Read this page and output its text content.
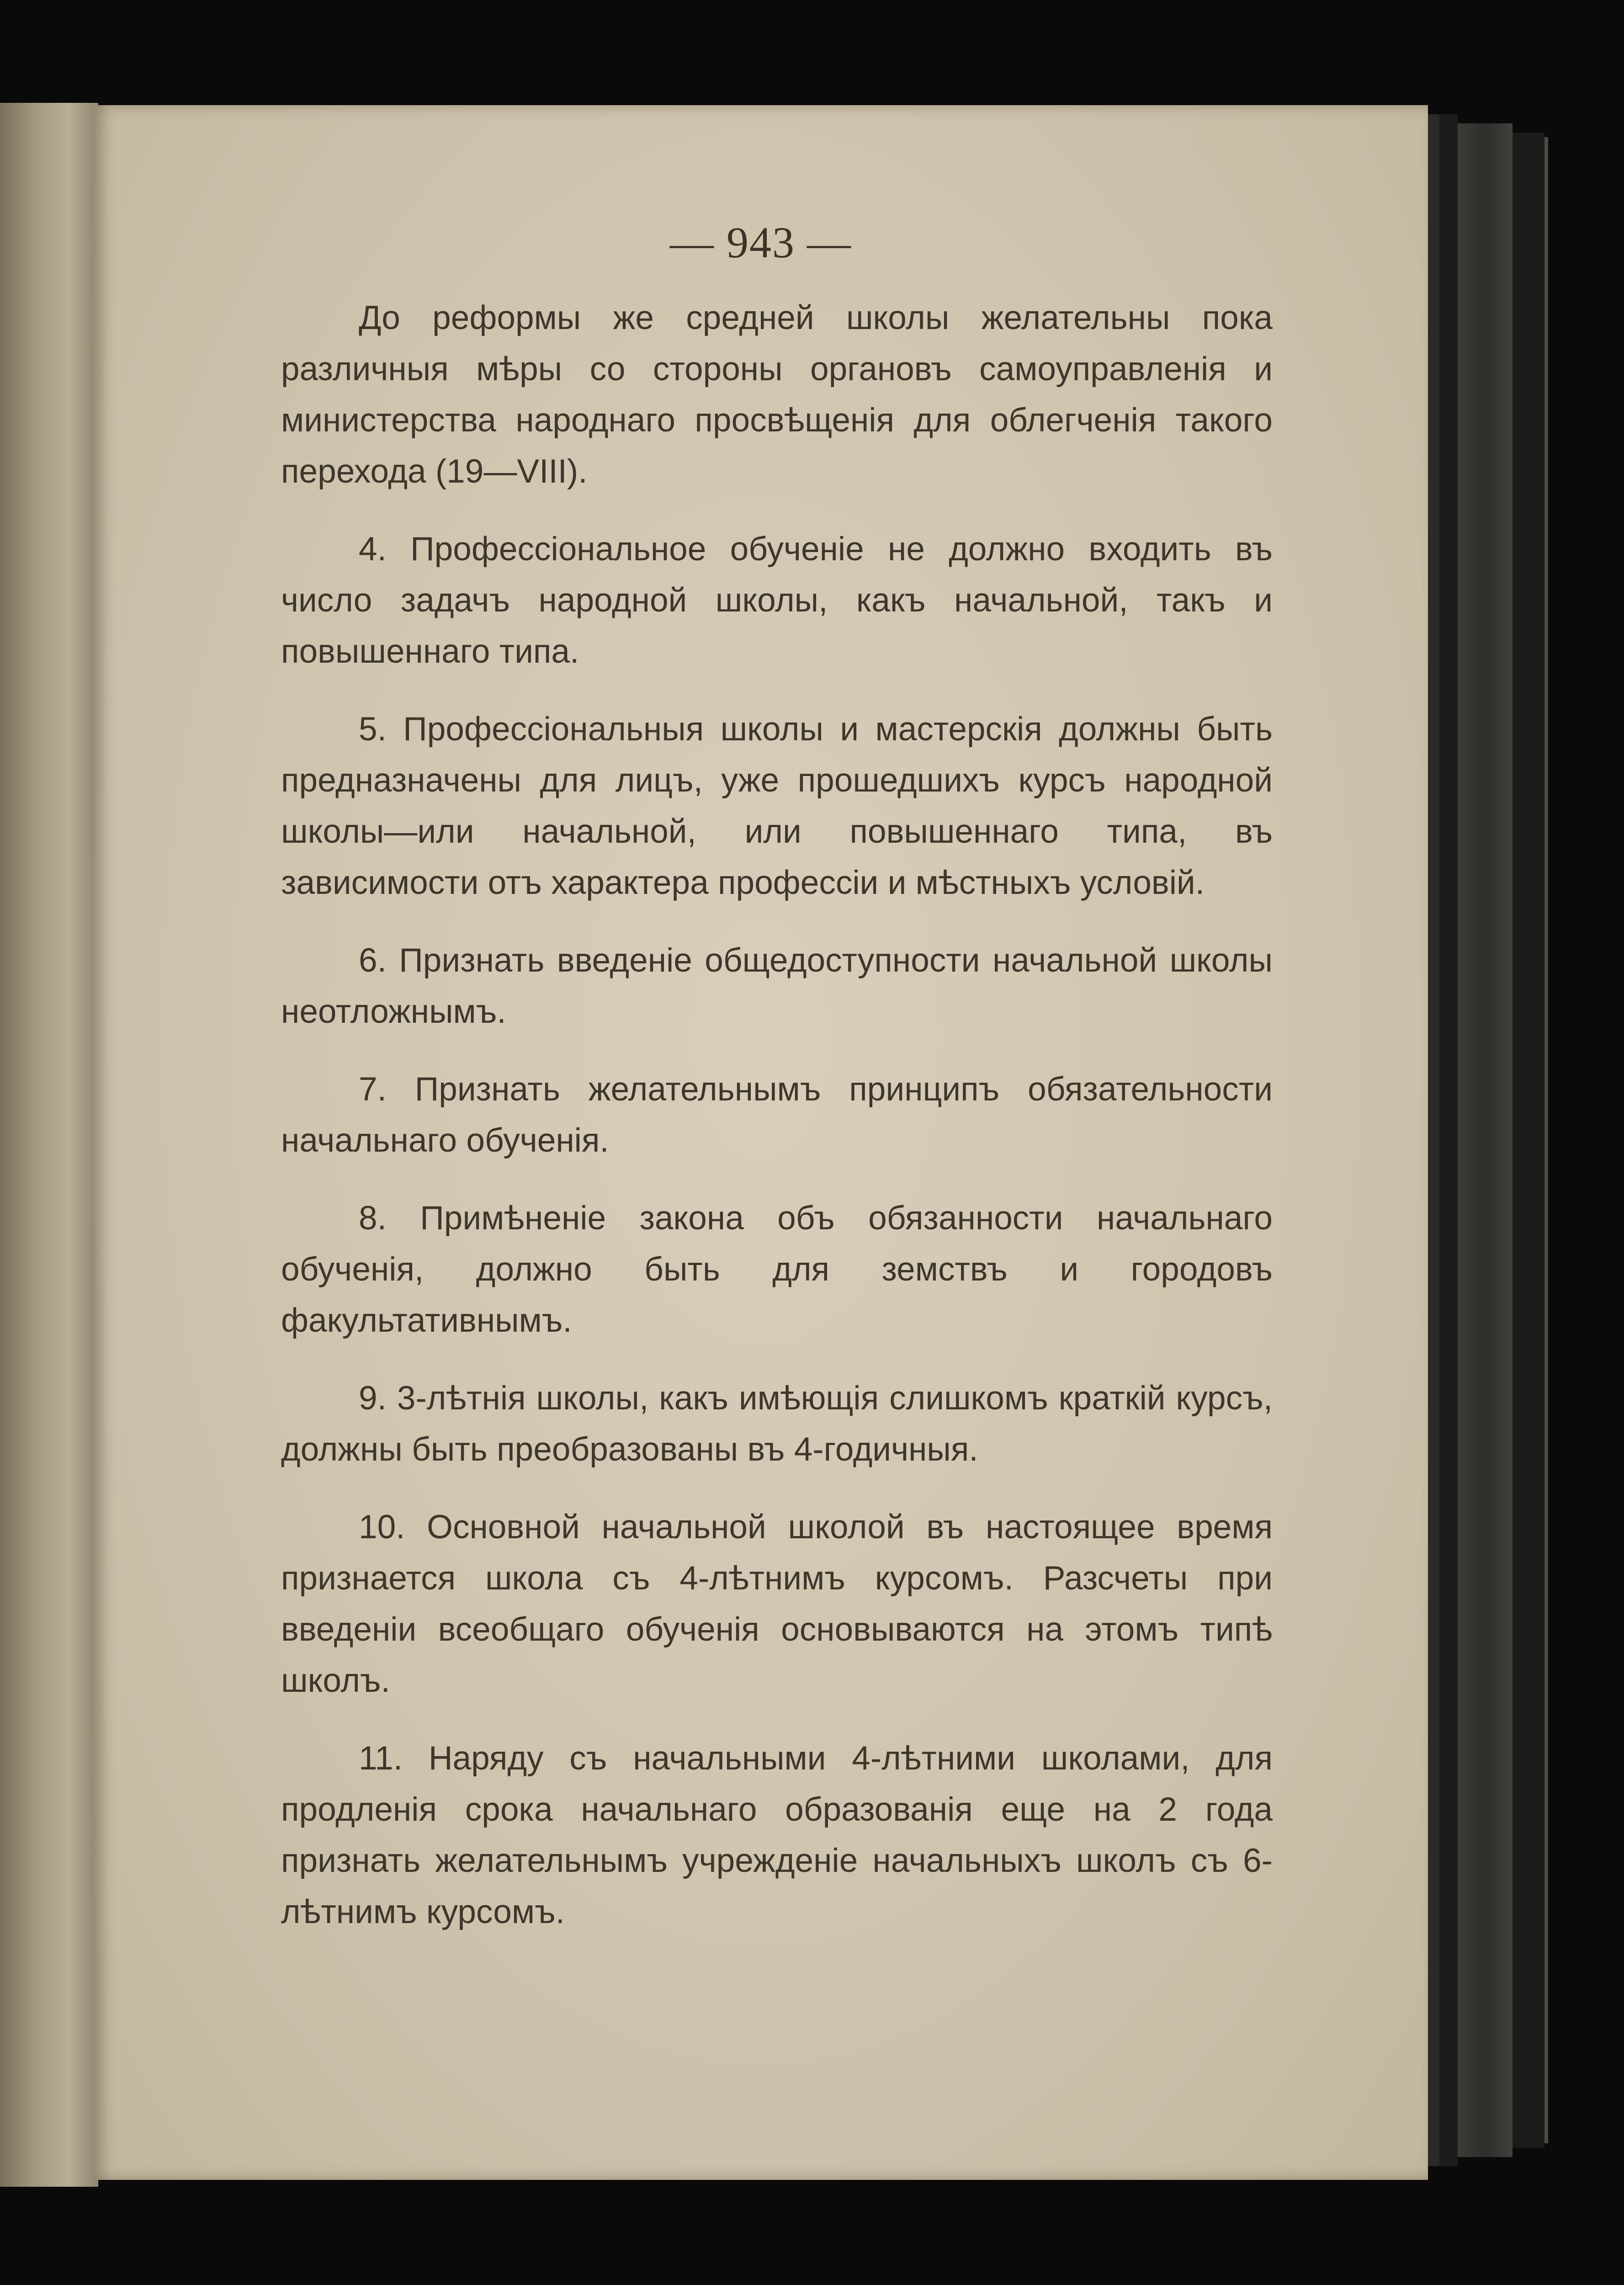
— 943 —

До реформы же средней школы желательны пока различныя мѣры со стороны органовъ самоуправленія и министерства народнаго просвѣщенія для облегченія такого перехода (19—VIII).

4. Профессіональное обученіе не должно входить въ число задачъ народной школы, какъ начальной, такъ и повышеннаго типа.

5. Профессіональныя школы и мастерскія должны быть предназначены для лицъ, уже прошедшихъ курсъ народной школы—или начальной, или повышеннаго типа, въ зависимости отъ характера профессіи и мѣстныхъ условій.

6. Признать введеніе общедоступности начальной школы неотложнымъ.

7. Признать желательнымъ принципъ обязательности начальнаго обученія.

8. Примѣненіе закона объ обязанности начальнаго обученія, должно быть для земствъ и городовъ факультативнымъ.

9. 3-лѣтнія школы, какъ имѣющія слишкомъ краткій курсъ, должны быть преобразованы въ 4-годичныя.

10. Основной начальной школой въ настоящее время признается школа съ 4-лѣтнимъ курсомъ. Разсчеты при введеніи всеобщаго обученія основываются на этомъ типѣ школъ.

11. Наряду съ начальными 4-лѣтними школами, для продленія срока начальнаго образованія еще на 2 года признать желательнымъ учрежденіе начальныхъ школъ съ 6-лѣтнимъ курсомъ.
